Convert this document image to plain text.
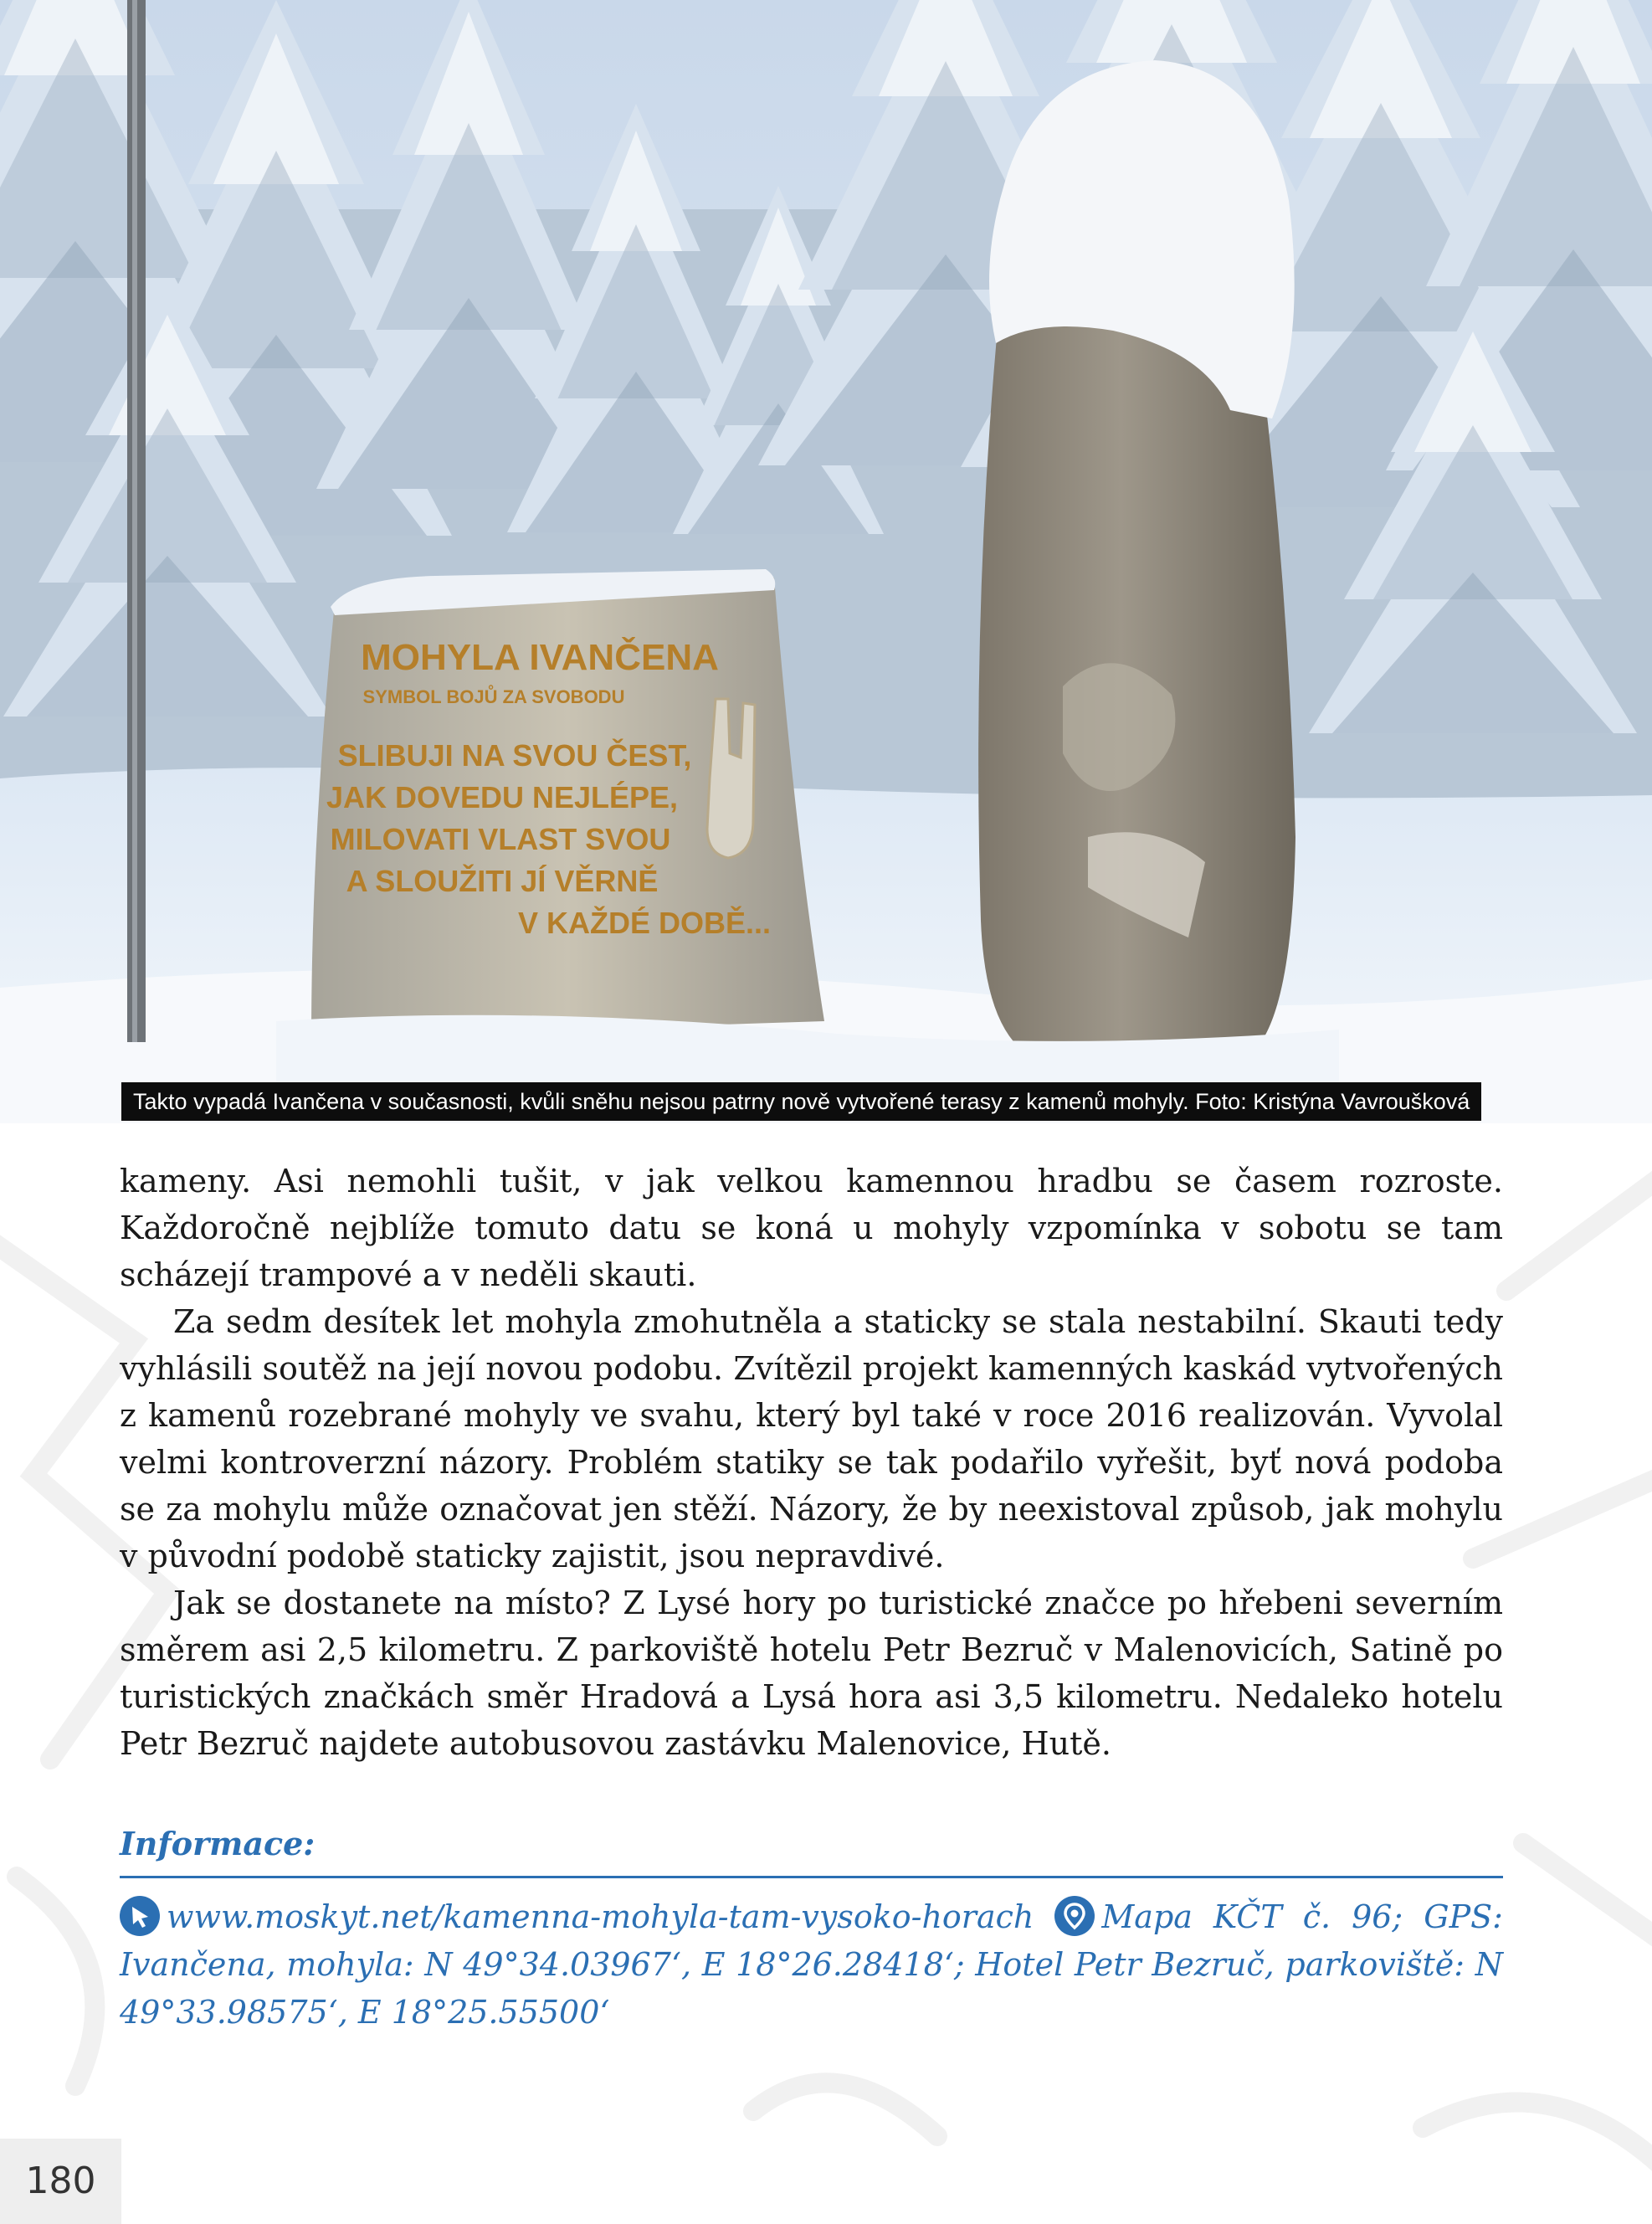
MOHYLA IVANČENA
SYMBOL BOJŮ ZA SVOBODU
SLIBUJI NA SVOU ČEST,
JAK DOVEDU NEJLÉPE,
MILOVATI VLAST SVOU
A SLOUŽITI JÍ VĚRNĚ
V KAŽDÉ DOBĚ...
Takto vypadá Ivančena v současnosti, kvůli sněhu nejsou patrny nově vytvořené terasy z kamenů mohyly. Foto: Kristýna Vavroušková

kameny. Asi nemohli tušit, v jak velkou kamennou hradbu se časem rozroste. Každoročně nejblíže tomuto datu se koná u mohyly vzpomínka v sobotu se tam scházejí trampové a v neděli skauti.

Za sedm desítek let mohyla zmohutněla a staticky se stala nestabilní. Skauti tedy vyhlásili soutěž na její novou podobu. Zvítězil projekt kamenných kaskád vytvořených z kamenů rozebrané mohyly ve svahu, který byl také v roce 2016 realizován. Vyvolal velmi kontroverzní názory. Problém statiky se tak podařilo vyřešit, byť nová podoba se za mohylu může označovat jen stěží. Názory, že by neexistoval způsob, jak mohylu v původní podobě staticky zajistit, jsou nepravdivé.

Jak se dostanete na místo? Z Lysé hory po turistické značce po hřebeni severním směrem asi 2,5 kilometru. Z parkoviště hotelu Petr Bezruč v Malenovicích, Satině po turistických značkách směr Hradová a Lysá hora asi 3,5 kilometru. Nedaleko hotelu Petr Bezruč najdete autobusovou zastávku Malenovice, Hutě.

Informace:
www.moskyt.net/kamenna-mohyla-tam-vysoko-horach Mapa KČT č. 96; GPS: Ivančena, mohyla: N 49°34.03967‘, E 18°26.28418‘; Hotel Petr Bezruč, parkoviště: N 49°33.98575‘, E 18°25.55500‘
180
